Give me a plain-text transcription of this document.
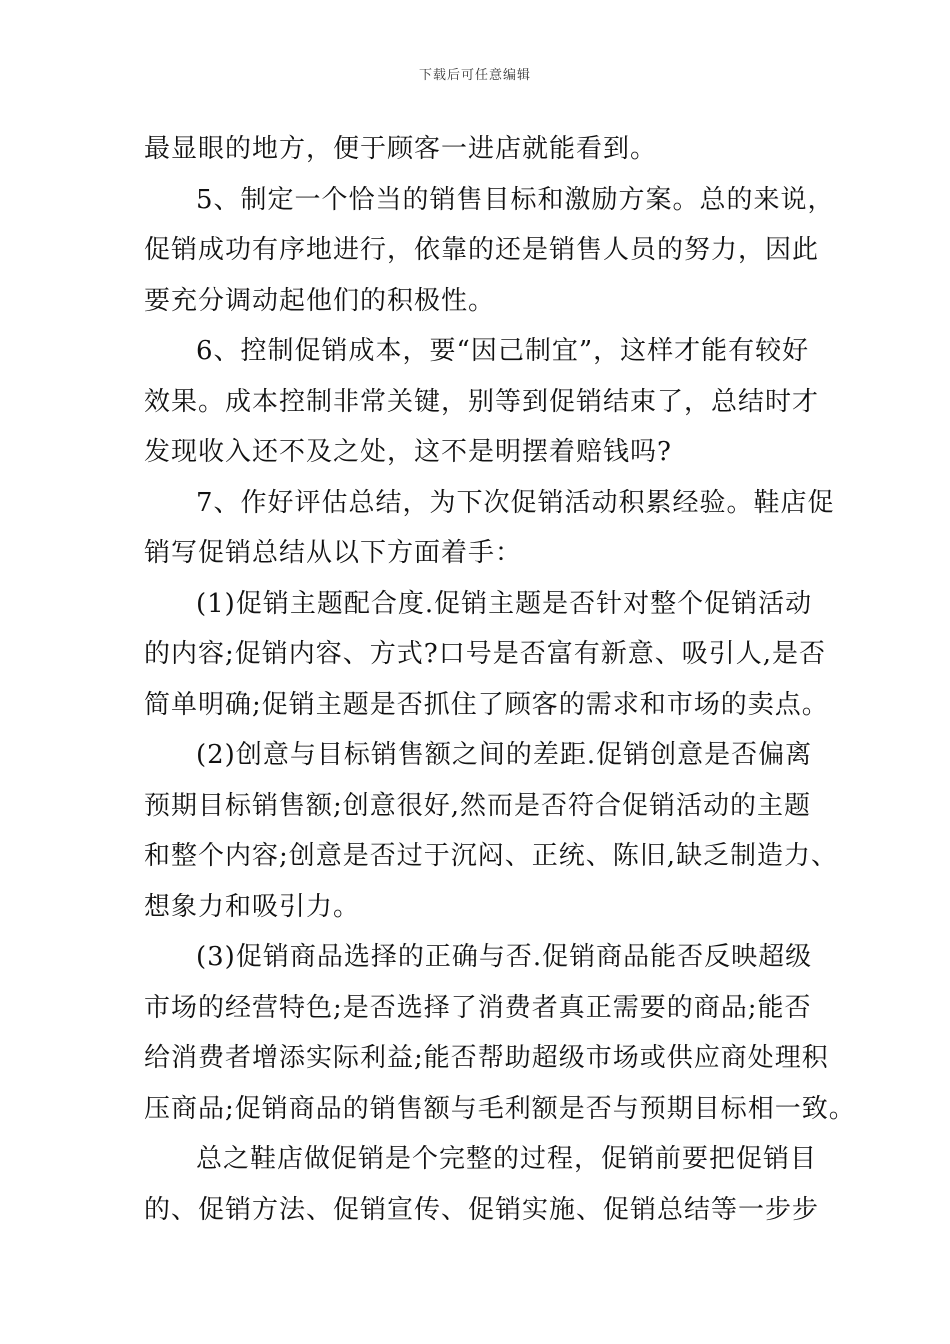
下载后可任意编辑

最显眼的地方，便于顾客一进店就能看到。

5、制定一个恰当的销售目标和激励方案。总的来说，
促销成功有序地进行，依靠的还是销售人员的努力，因此
要充分调动起他们的积极性。

6、控制促销成本，要“因己制宜”，这样才能有较好
效果。成本控制非常关键，别等到促销结束了，总结时才
发现收入还不及之处，这不是明摆着赔钱吗?

7、作好评估总结，为下次促销活动积累经验。鞋店促
销写促销总结从以下方面着手：

(1)促销主题配合度.促销主题是否针对整个促销活动
的内容;促销内容、方式?口号是否富有新意、吸引人,是否
简单明确;促销主题是否抓住了顾客的需求和市场的卖点。

(2)创意与目标销售额之间的差距.促销创意是否偏离
预期目标销售额;创意很好,然而是否符合促销活动的主题
和整个内容;创意是否过于沉闷、正统、陈旧,缺乏制造力、
想象力和吸引力。

(3)促销商品选择的正确与否.促销商品能否反映超级
市场的经营特色;是否选择了消费者真正需要的商品;能否
给消费者增添实际利益;能否帮助超级市场或供应商处理积
压商品;促销商品的销售额与毛利额是否与预期目标相一致。

总之鞋店做促销是个完整的过程，促销前要把促销目
的、促销方法、促销宣传、促销实施、促销总结等一步步
